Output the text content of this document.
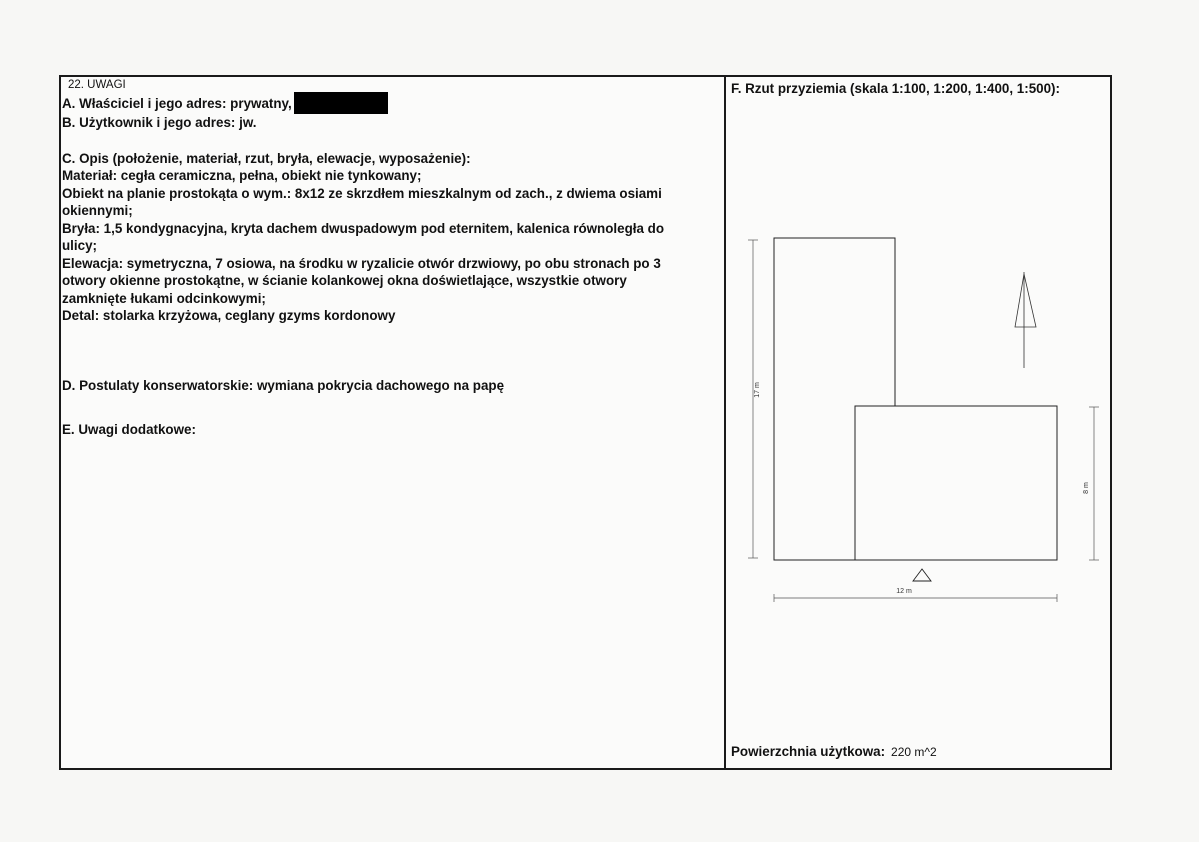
22. UWAGI
A. Właściciel i jego adres: prywatny,
B. Użytkownik i jego adres: jw.
C. Opis (położenie, materiał, rzut, bryła, elewacje, wyposażenie):
Materiał: cegła ceramiczna, pełna, obiekt nie tynkowany;
Obiekt na planie prostokąta o wym.: 8x12 ze skrzdłem mieszkalnym od zach., z dwiema osiami
okiennymi;
Bryła: 1,5 kondygnacyjna, kryta dachem dwuspadowym pod eternitem, kalenica równoległa do
ulicy;
Elewacja: symetryczna, 7 osiowa, na środku w ryzalicie otwór drzwiowy, po obu stronach po 3
otwory okienne prostokątne, w ścianie kolankowej okna doświetlające, wszystkie otwory
zamknięte łukami odcinkowymi;
Detal: stolarka krzyżowa, ceglany gzyms kordonowy
D. Postulaty konserwatorskie: wymiana pokrycia dachowego na papę
E. Uwagi dodatkowe:
F. Rzut przyziemia (skala 1:100, 1:200, 1:400, 1:500):
17 m
8 m
12 m
Powierzchnia użytkowa: 220 m^2
